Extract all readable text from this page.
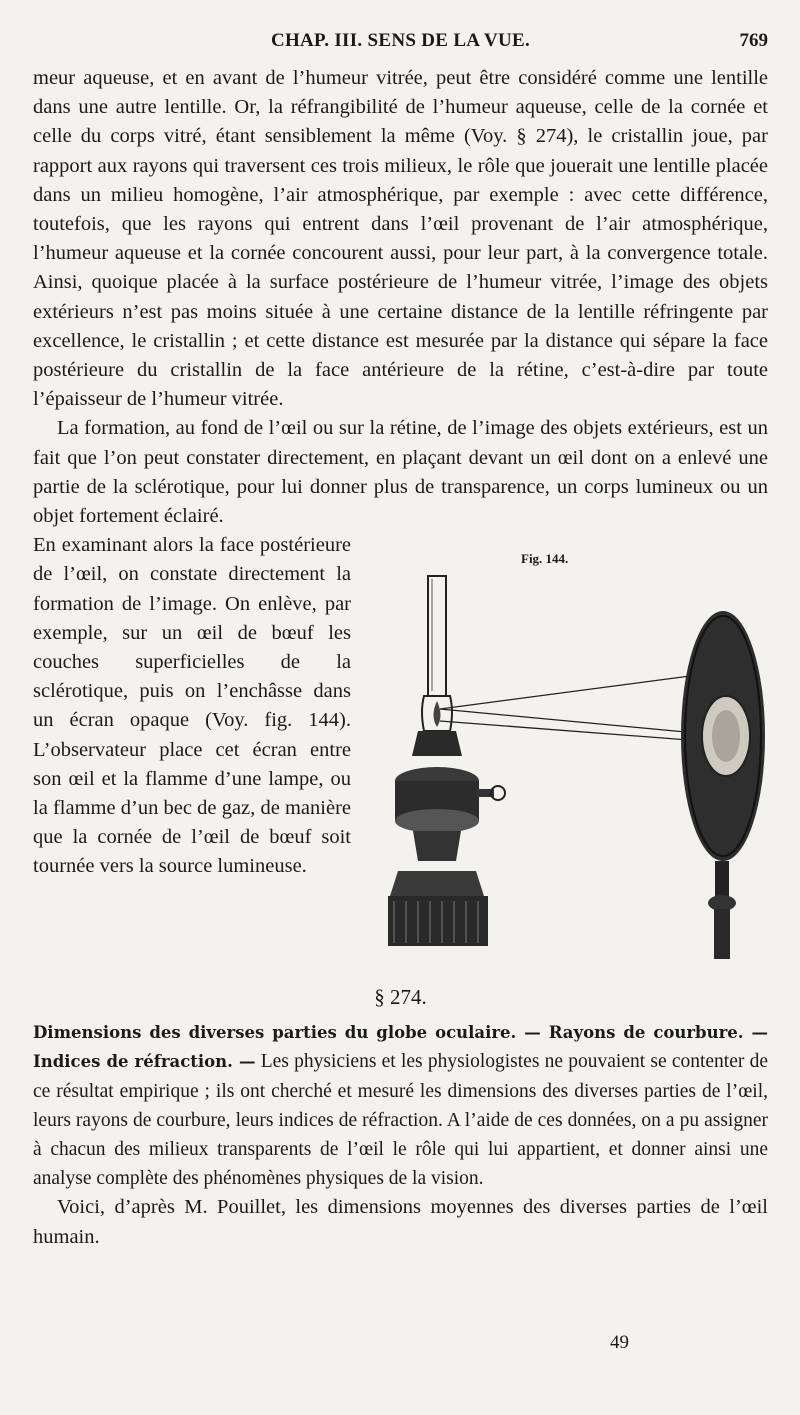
CHAP. III. SENS DE LA VUE.	769

meur aqueuse, et en avant de l’humeur vitrée, peut être considéré comme une lentille dans une autre lentille. Or, la réfrangibilité de l’humeur aqueuse, celle de la cornée et celle du corps vitré, étant sensiblement la même (Voy. § 274), le cristallin joue, par rapport aux rayons qui traversent ces trois milieux, le rôle que jouerait une lentille placée dans un milieu homogène, l’air atmosphérique, par exemple : avec cette différence, toutefois, que les rayons qui entrent dans l’œil provenant de l’air atmosphérique, l’humeur aqueuse et la cornée concourent aussi, pour leur part, à la convergence totale. Ainsi, quoique placée à la surface postérieure de l’humeur vitrée, l’image des objets extérieurs n’est pas moins située à une certaine distance de la lentille réfringente par excellence, le cristallin ; et cette distance est mesurée par la distance qui sépare la face postérieure du cristallin de la face antérieure de la rétine, c’est-à-dire par toute l’épaisseur de l’humeur vitrée.

La formation, au fond de l’œil ou sur la rétine, de l’image des objets extérieurs, est un fait que l’on peut constater directement, en plaçant devant un œil dont on a enlevé une partie de la sclérotique, pour lui donner plus de transparence, un corps lumineux ou un objet fortement éclairé.

En examinant alors la face postérieure de l’œil, on constate directement la formation de l’image. On enlève, par exemple, sur un œil de bœuf les couches superficielles de la sclérotique, puis on l’enchâsse dans un écran opaque (Voy. fig. 144). L’observateur place cet écran entre son œil et la flamme d’une lampe, ou la flamme d’un bec de gaz, de manière que la cornée de l’œil de bœuf soit tournée vers la source lumineuse.

Fig. 144.
§ 274.

Dimensions des diverses parties du globe oculaire. — Rayons de courbure. — Indices de réfraction. — Les physiciens et les physiologistes ne pouvaient se contenter de ce résultat empirique ; ils ont cherché et mesuré les dimensions des diverses parties de l’œil, leurs rayons de courbure, leurs indices de réfraction. A l’aide de ces données, on a pu assigner à chacun des milieux transparents de l’œil le rôle qui lui appartient, et donner ainsi une analyse complète des phénomènes physiques de la vision.

Voici, d’après M. Pouillet, les dimensions moyennes des diverses parties de l’œil humain.

49
